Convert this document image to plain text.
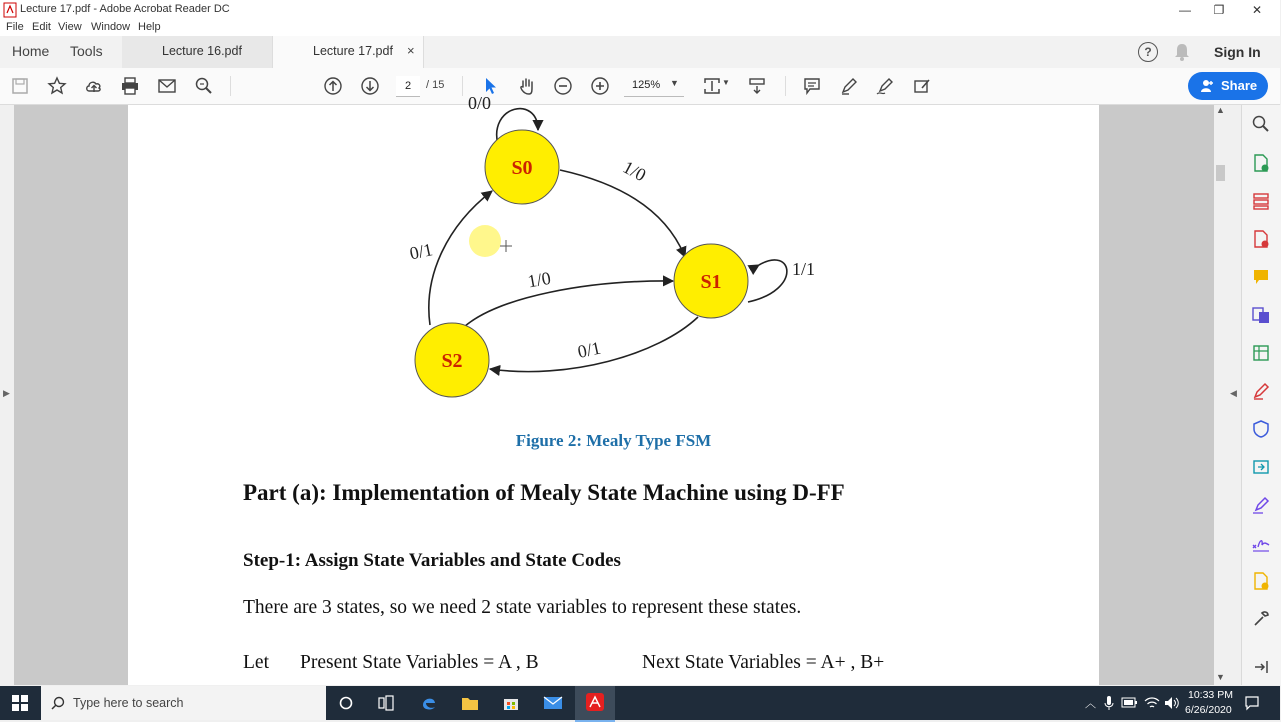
Lecture 17.pdf - Adobe Acrobat Reader DC	—	❐	✕
File Edit View Window Help
Home Tools	Lecture 16.pdf	Lecture 17.pdf ×	?	Sign In
2	/ 15	125% ▼	▼	Share
▶
S0
S1
S2
0/0
1/0
1/1
1/0
0/1
0/1
Figure 2: Mealy Type FSM
Part (a): Implementation of Mealy State Machine using D-FF
Step-1: Assign State Variables and State Codes
There are 3 states, so we need 2 state variables to represent these states.
Let Present State Variables = A , B	Next State Variables = A+ , B+
▲
▼
◀
Type here to search	︿
10:33 PM
6/26/2020
